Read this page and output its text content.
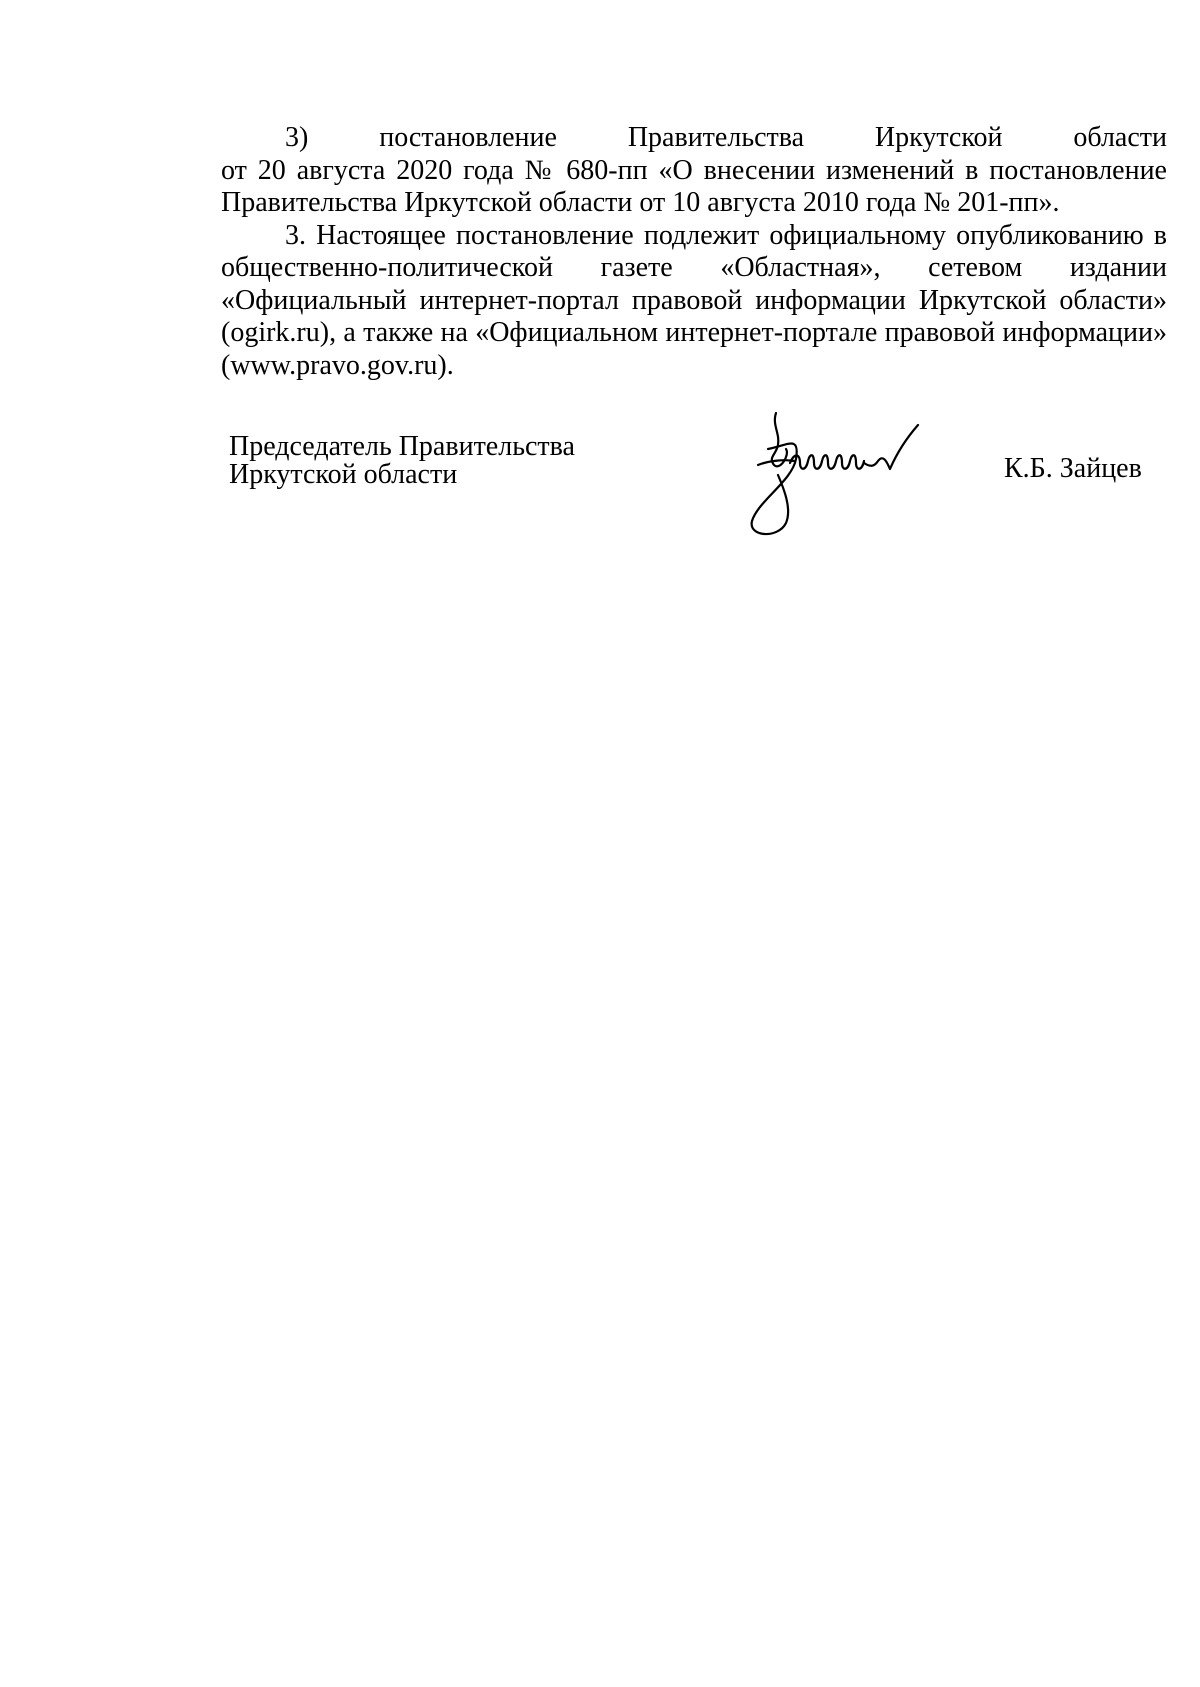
3)	постановление	Правительства	Иркутской	области

от 20 августа 2020 года № 680-пп «О внесении изменений в постановление Правительства Иркутской области от 10 августа 2010 года № 201-пп».

3. Настоящее постановление подлежит официальному опубликованию в общественно-политической газете «Областная», сетевом издании «Официальный интернет-портал правовой информации Иркутской области» (ogirk.ru), а также на «Официальном интернет-портале правовой информации» (www.pravo.gov.ru).

Председатель Правительства
Иркутской области	К.Б. Зайцев
